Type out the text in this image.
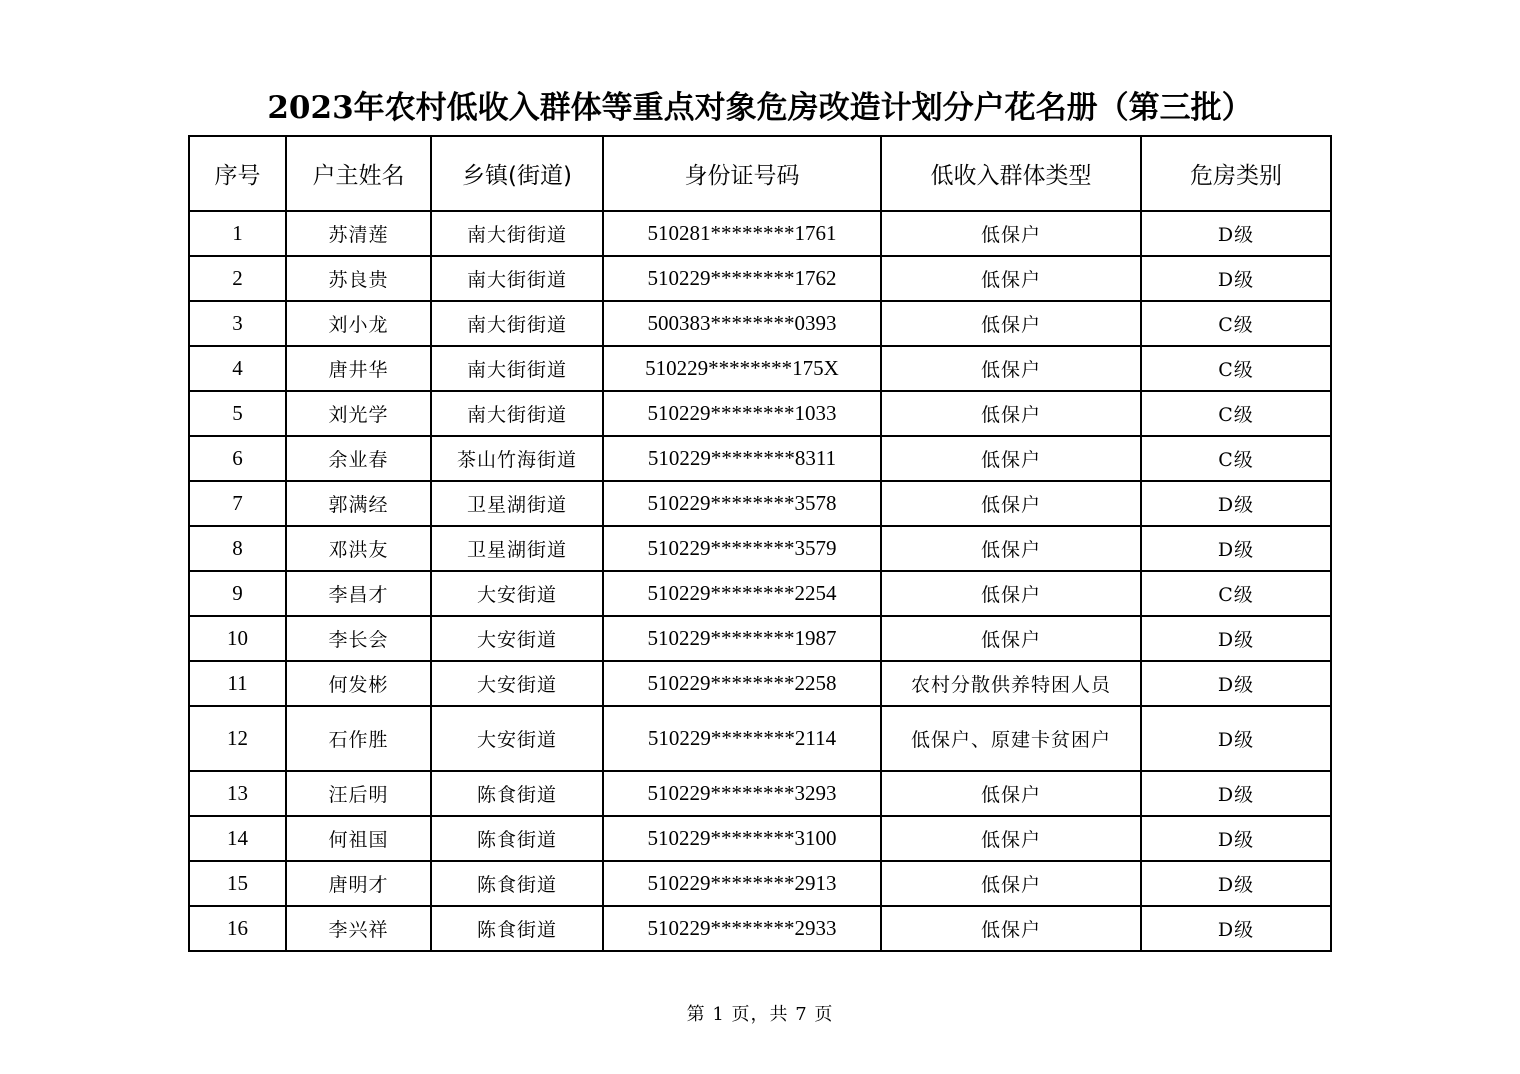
2023年农村低收入群体等重点对象危房改造计划分户花名册（第三批）
序号	户主姓名	乡镇(街道)	身份证号码	低收入群体类型	危房类别
1	苏清莲	南大街街道	510281********1761	低保户	D级
2	苏良贵	南大街街道	510229********1762	低保户	D级
3	刘小龙	南大街街道	500383********0393	低保户	C级
4	唐井华	南大街街道	510229********175X	低保户	C级
5	刘光学	南大街街道	510229********1033	低保户	C级
6	余业春	茶山竹海街道	510229********8311	低保户	C级
7	郭满经	卫星湖街道	510229********3578	低保户	D级
8	邓洪友	卫星湖街道	510229********3579	低保户	D级
9	李昌才	大安街道	510229********2254	低保户	C级
10	李长会	大安街道	510229********1987	低保户	D级
11	何发彬	大安街道	510229********2258	农村分散供养特困人员	D级
12	石作胜	大安街道	510229********2114	低保户、原建卡贫困户	D级
13	汪后明	陈食街道	510229********3293	低保户	D级
14	何祖国	陈食街道	510229********3100	低保户	D级
15	唐明才	陈食街道	510229********2913	低保户	D级
16	李兴祥	陈食街道	510229********2933	低保户	D级
第 1 页，共 7 页
